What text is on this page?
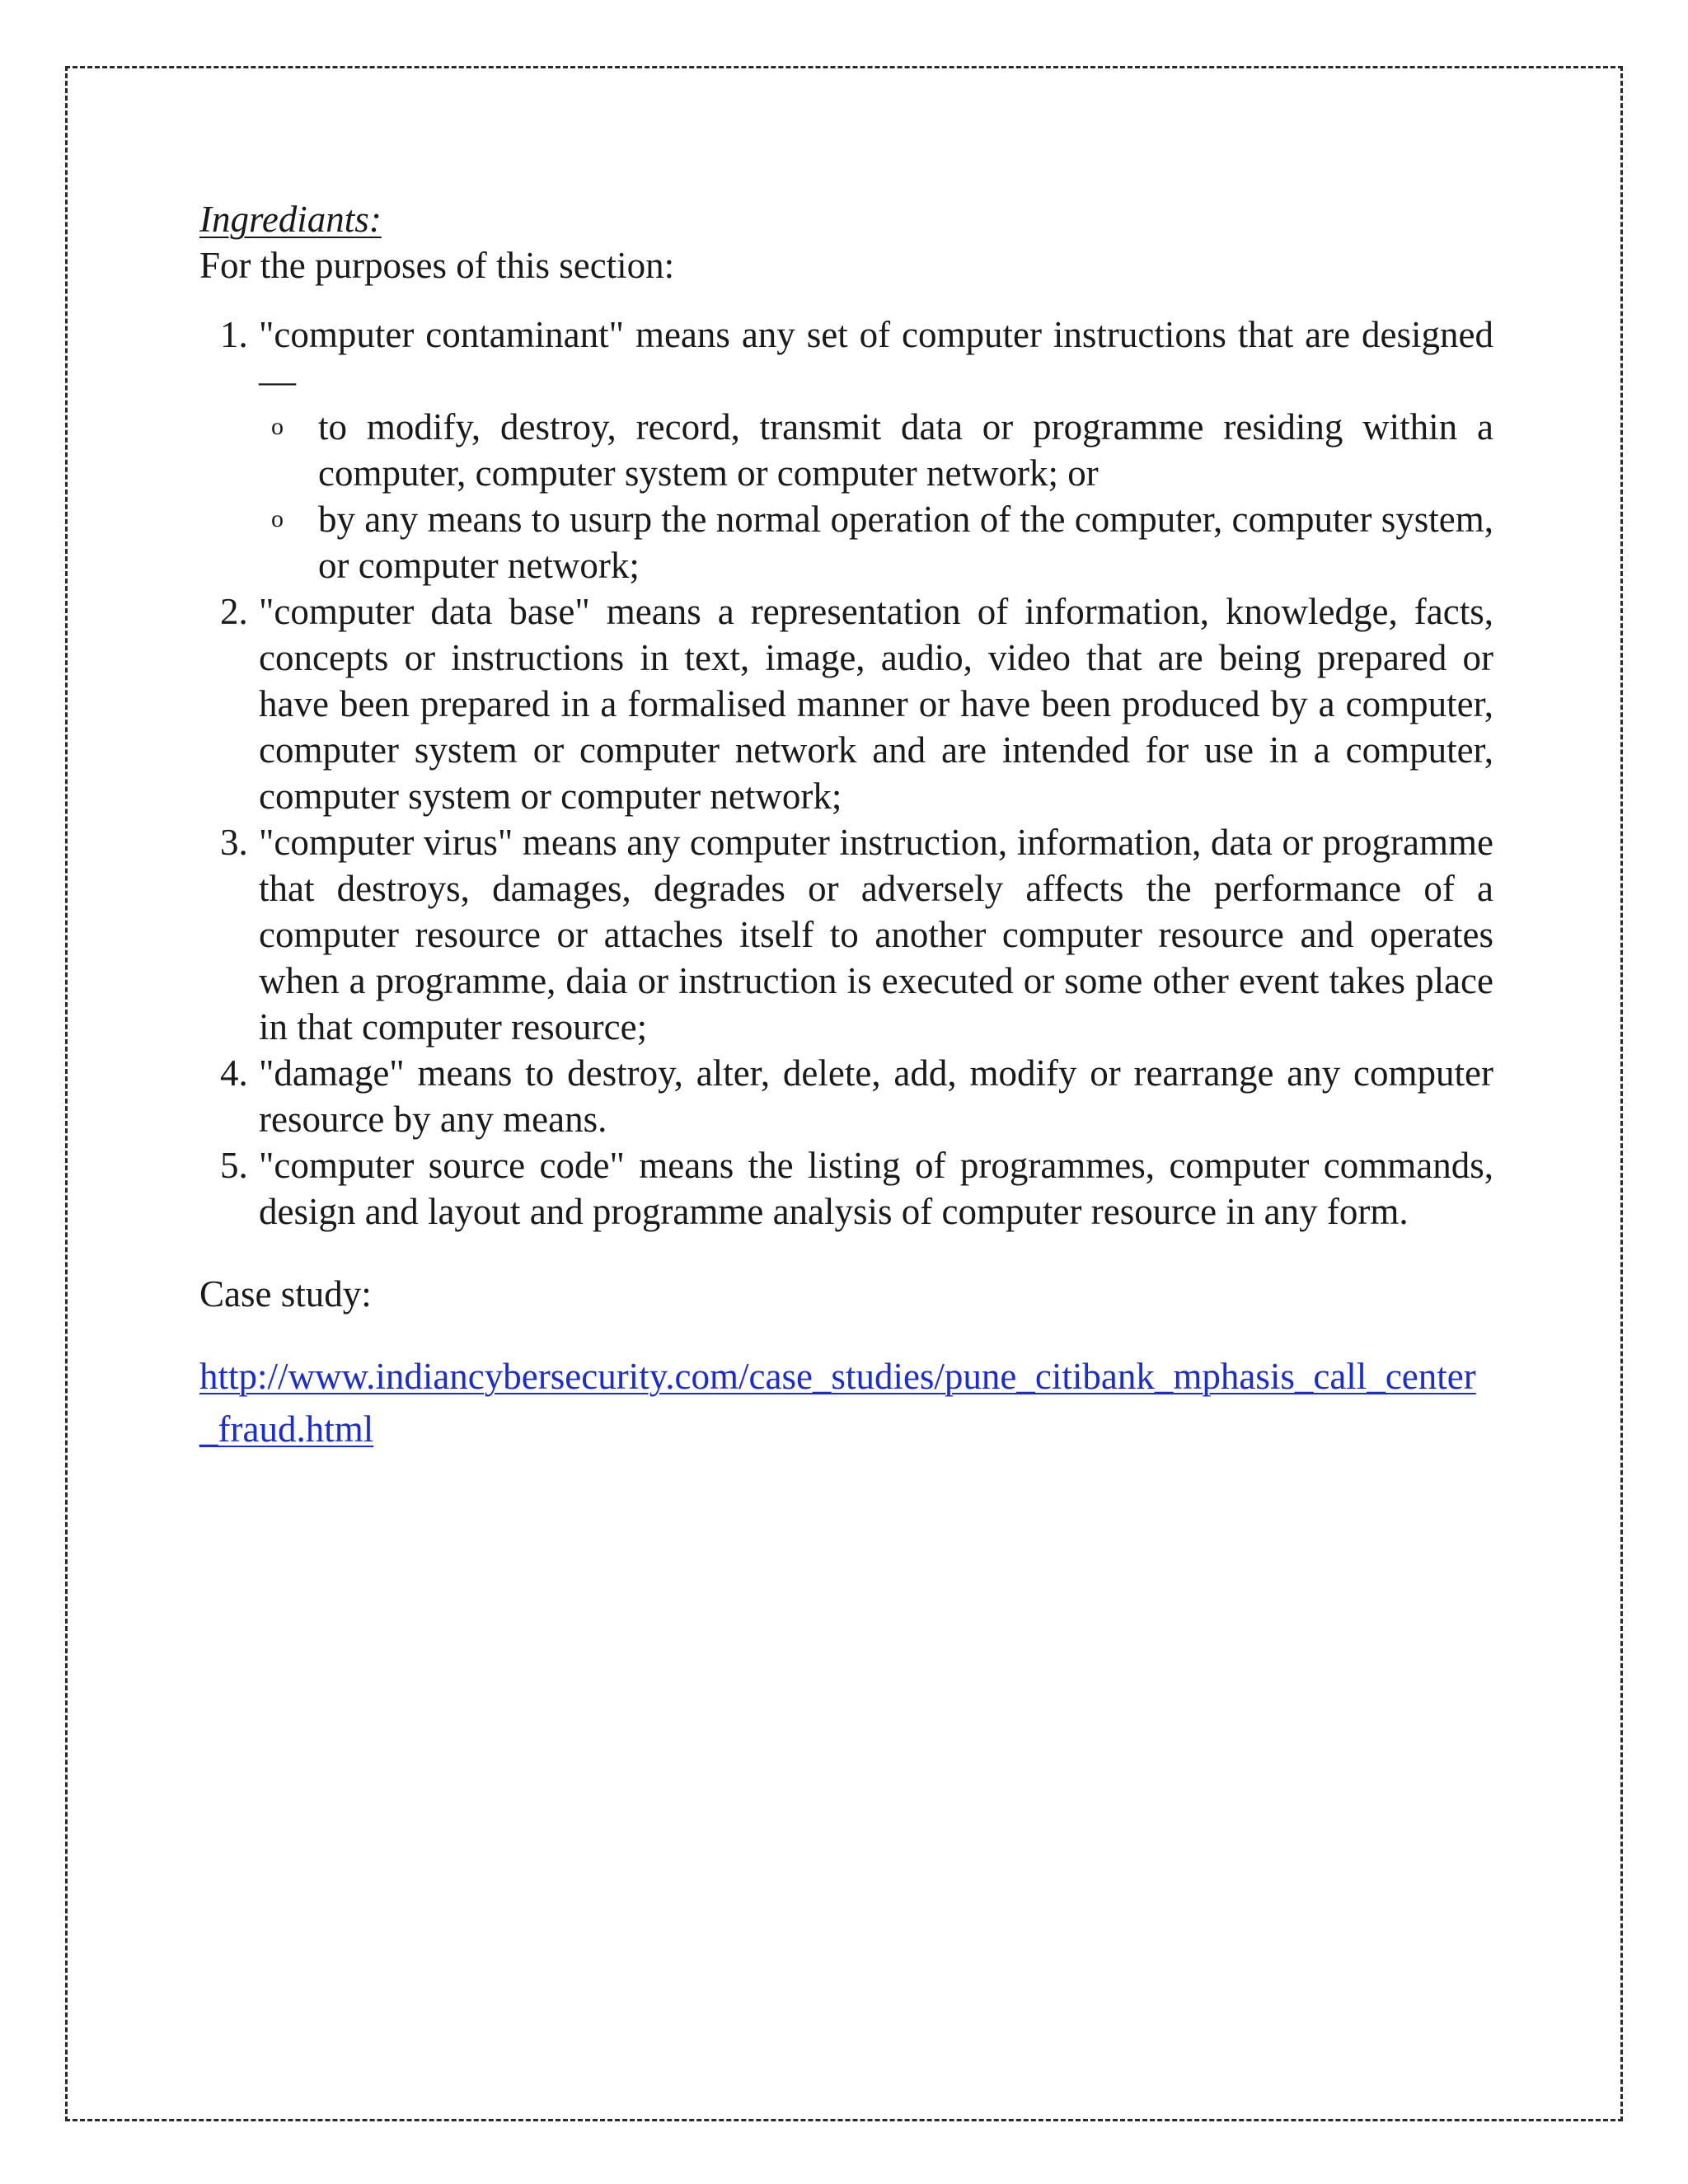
Ingrediants:

For the purposes of this section:

1. "computer contaminant" means any set of computer instructions that are designed —
o to modify, destroy, record, transmit data or programme residing within a computer, computer system or computer network; or
o by any means to usurp the normal operation of the computer, computer system, or computer network;
2. "computer data base" means a representation of information, knowledge, facts, concepts or instructions in text, image, audio, video that are being prepared or have been prepared in a formalised manner or have been produced by a computer, computer system or computer network and are intended for use in a computer, computer system or computer network;
3. "computer virus" means any computer instruction, information, data or programme that destroys, damages, degrades or adversely affects the performance of a computer resource or attaches itself to another computer resource and operates when a programme, daia or instruction is executed or some other event takes place in that computer resource;
4. "damage" means to destroy, alter, delete, add, modify or rearrange any computer resource by any means.
5. "computer source code" means the listing of programmes, computer commands, design and layout and programme analysis of computer resource in any form.
Case study:
http://www.indiancybersecurity.com/case_studies/pune_citibank_mphasis_call_center_fraud.html
